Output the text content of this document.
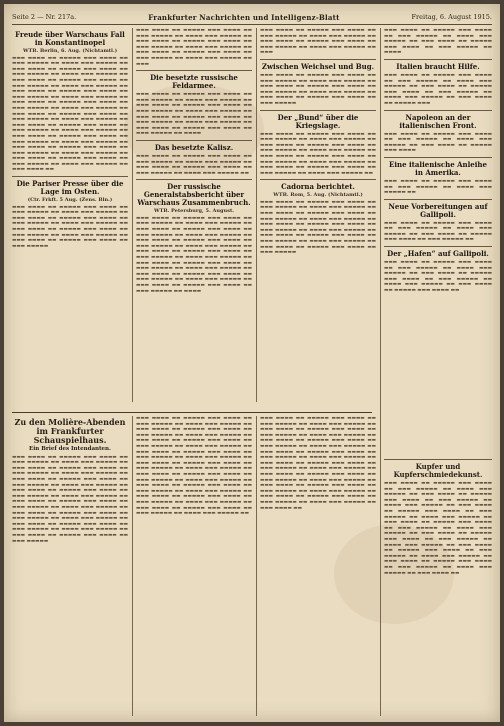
Seite 2 — Nr. 217a.	Frankfurter Nachrichten und Intelligenz-Blatt	Freitag, 6. August 1915.
Freude über Warschaus Fall in Konstantinopel
WTB. Berlin, 6. Aug. (Nichtamtl.)
▬▬▬ ▬▬▬▬ ▬▬ ▬▬▬▬▬ ▬▬▬ ▬▬▬▬ ▬▬ ▬▬▬ ▬▬▬▬▬ ▬▬ ▬▬▬▬ ▬▬▬ ▬▬▬▬▬ ▬▬ ▬▬▬ ▬▬▬▬ ▬▬ ▬▬▬▬▬ ▬▬▬ ▬▬▬▬ ▬▬ ▬▬▬ ▬▬▬▬▬ ▬▬ ▬▬▬▬ ▬▬▬ ▬▬▬▬▬ ▬▬ ▬▬▬ ▬▬▬▬ ▬▬ ▬▬▬▬▬ ▬▬▬ ▬▬▬▬ ▬▬ ▬▬▬ ▬▬▬▬▬ ▬▬ ▬▬▬▬ ▬▬▬ ▬▬▬▬▬ ▬▬ ▬▬▬ ▬▬▬▬ ▬▬ ▬▬▬▬▬ ▬▬▬ ▬▬▬▬ ▬▬ ▬▬▬ ▬▬▬▬▬ ▬▬ ▬▬▬▬ ▬▬▬ ▬▬▬▬▬ ▬▬ ▬▬▬ ▬▬▬▬ ▬▬ ▬▬▬▬▬ ▬▬▬ ▬▬▬▬ ▬▬ ▬▬▬ ▬▬▬▬▬ ▬▬ ▬▬▬▬ ▬▬▬ ▬▬▬▬▬ ▬▬ ▬▬▬ ▬▬▬▬ ▬▬ ▬▬▬▬▬ ▬▬▬ ▬▬▬▬ ▬▬ ▬▬▬ ▬▬▬▬▬ ▬▬ ▬▬▬▬ ▬▬▬ ▬▬▬▬▬ ▬▬ ▬▬▬ ▬▬▬▬ ▬▬ ▬▬▬▬▬ ▬▬▬ ▬▬▬▬ ▬▬ ▬▬▬ ▬▬▬▬▬ ▬▬ ▬▬▬▬ ▬▬▬ ▬▬▬▬▬ ▬▬ ▬▬▬ ▬▬▬▬ ▬▬ ▬▬▬▬▬ ▬▬▬ ▬▬▬▬ ▬▬ ▬▬▬ ▬▬▬▬▬ ▬▬ ▬▬▬▬ ▬▬▬ ▬▬▬▬▬ ▬▬ ▬▬▬ ▬▬▬▬ ▬▬ ▬▬▬▬▬ ▬▬▬ ▬▬▬▬ ▬▬ ▬▬▬ ▬▬▬▬▬ ▬▬ ▬▬▬▬ ▬▬▬ ▬▬▬▬▬ ▬▬ ▬▬▬ ▬▬▬▬ ▬▬ ▬▬▬▬▬ ▬▬▬ ▬▬▬▬ ▬▬ ▬▬▬ ▬▬▬▬▬ ▬▬ ▬▬▬▬ ▬▬▬ ▬▬▬▬▬ ▬▬ ▬▬▬ ▬▬▬▬ ▬▬
Die Pariser Presse über die Lage im Osten.
(Ctr. Frkft. 5 Aug. (Zens. Bln.)
▬▬▬ ▬▬▬▬ ▬▬ ▬▬▬▬▬ ▬▬▬ ▬▬▬▬ ▬▬ ▬▬▬ ▬▬▬▬▬ ▬▬ ▬▬▬▬ ▬▬▬ ▬▬▬▬▬ ▬▬ ▬▬▬ ▬▬▬▬ ▬▬ ▬▬▬▬▬ ▬▬▬ ▬▬▬▬ ▬▬ ▬▬▬ ▬▬▬▬▬ ▬▬ ▬▬▬▬ ▬▬▬ ▬▬▬▬▬ ▬▬ ▬▬▬ ▬▬▬▬ ▬▬ ▬▬▬▬▬ ▬▬▬ ▬▬▬▬ ▬▬ ▬▬▬ ▬▬▬▬▬ ▬▬ ▬▬▬▬ ▬▬▬ ▬▬▬▬▬ ▬▬ ▬▬▬ ▬▬▬▬ ▬▬ ▬▬▬▬▬ ▬▬▬ ▬▬▬▬ ▬▬ ▬▬▬ ▬▬▬▬▬
▬▬▬ ▬▬▬▬ ▬▬ ▬▬▬▬▬ ▬▬▬ ▬▬▬▬ ▬▬ ▬▬▬ ▬▬▬▬▬ ▬▬ ▬▬▬▬ ▬▬▬ ▬▬▬▬▬ ▬▬ ▬▬▬ ▬▬▬▬ ▬▬ ▬▬▬▬▬ ▬▬▬ ▬▬▬▬ ▬▬ ▬▬▬ ▬▬▬▬▬ ▬▬ ▬▬▬▬ ▬▬▬ ▬▬▬▬▬ ▬▬ ▬▬▬ ▬▬▬▬ ▬▬ ▬▬▬▬▬ ▬▬▬ ▬▬▬▬ ▬▬ ▬▬▬ ▬▬▬▬▬ ▬▬ ▬▬▬▬ ▬▬▬ ▬▬▬▬▬ ▬▬ ▬▬▬
Die besetzte russische Feldarmee.
▬▬▬ ▬▬▬▬ ▬▬ ▬▬▬▬▬ ▬▬▬ ▬▬▬▬ ▬▬ ▬▬▬ ▬▬▬▬▬ ▬▬ ▬▬▬▬ ▬▬▬ ▬▬▬▬▬ ▬▬ ▬▬▬ ▬▬▬▬ ▬▬ ▬▬▬▬▬ ▬▬▬ ▬▬▬▬ ▬▬ ▬▬▬ ▬▬▬▬▬ ▬▬ ▬▬▬▬ ▬▬▬ ▬▬▬▬▬ ▬▬ ▬▬▬ ▬▬▬▬ ▬▬ ▬▬▬▬▬ ▬▬▬ ▬▬▬▬ ▬▬ ▬▬▬ ▬▬▬▬▬ ▬▬ ▬▬▬▬ ▬▬▬ ▬▬▬▬▬ ▬▬ ▬▬▬ ▬▬▬▬ ▬▬ ▬▬▬▬▬ ▬▬▬ ▬▬▬▬ ▬▬ ▬▬▬ ▬▬▬▬▬ ▬▬ ▬▬▬▬
Das besetzte Kalisz.
▬▬▬ ▬▬▬▬ ▬▬ ▬▬▬▬▬ ▬▬▬ ▬▬▬▬ ▬▬ ▬▬▬ ▬▬▬▬▬ ▬▬ ▬▬▬▬ ▬▬▬ ▬▬▬▬▬ ▬▬ ▬▬▬ ▬▬▬▬ ▬▬ ▬▬▬▬▬ ▬▬▬ ▬▬▬▬ ▬▬ ▬▬▬ ▬▬▬▬▬ ▬▬ ▬▬▬▬ ▬▬▬ ▬▬▬▬▬ ▬▬
Der russische Generalstabsbericht über Warschaus Zusammenbruch.
WTB. Petersburg, 5. August.
▬▬▬ ▬▬▬▬ ▬▬ ▬▬▬▬▬ ▬▬▬ ▬▬▬▬ ▬▬ ▬▬▬ ▬▬▬▬▬ ▬▬ ▬▬▬▬ ▬▬▬ ▬▬▬▬▬ ▬▬ ▬▬▬ ▬▬▬▬ ▬▬ ▬▬▬▬▬ ▬▬▬ ▬▬▬▬ ▬▬ ▬▬▬ ▬▬▬▬▬ ▬▬ ▬▬▬▬ ▬▬▬ ▬▬▬▬▬ ▬▬ ▬▬▬ ▬▬▬▬ ▬▬ ▬▬▬▬▬ ▬▬▬ ▬▬▬▬ ▬▬ ▬▬▬ ▬▬▬▬▬ ▬▬ ▬▬▬▬ ▬▬▬ ▬▬▬▬▬ ▬▬ ▬▬▬ ▬▬▬▬ ▬▬ ▬▬▬▬▬ ▬▬▬ ▬▬▬▬ ▬▬ ▬▬▬ ▬▬▬▬▬ ▬▬ ▬▬▬▬ ▬▬▬ ▬▬▬▬▬ ▬▬ ▬▬▬ ▬▬▬▬ ▬▬ ▬▬▬▬▬ ▬▬▬ ▬▬▬▬ ▬▬ ▬▬▬ ▬▬▬▬▬ ▬▬ ▬▬▬▬ ▬▬▬ ▬▬▬▬▬ ▬▬ ▬▬▬ ▬▬▬▬ ▬▬ ▬▬▬▬▬ ▬▬▬ ▬▬▬▬ ▬▬ ▬▬▬ ▬▬▬▬▬ ▬▬ ▬▬▬▬ ▬▬▬ ▬▬▬▬▬ ▬▬ ▬▬▬ ▬▬▬▬ ▬▬ ▬▬▬▬▬ ▬▬▬ ▬▬▬▬ ▬▬ ▬▬▬ ▬▬▬▬▬ ▬▬ ▬▬▬▬
▬▬▬ ▬▬▬▬ ▬▬ ▬▬▬▬▬ ▬▬▬ ▬▬▬▬ ▬▬ ▬▬▬ ▬▬▬▬▬ ▬▬ ▬▬▬▬ ▬▬▬ ▬▬▬▬▬ ▬▬ ▬▬▬ ▬▬▬▬ ▬▬ ▬▬▬▬▬ ▬▬▬ ▬▬▬▬ ▬▬ ▬▬▬ ▬▬▬▬▬ ▬▬ ▬▬▬▬ ▬▬▬ ▬▬▬▬▬ ▬▬ ▬▬▬
Zwischen Weichsel und Bug.
▬▬▬ ▬▬▬▬ ▬▬ ▬▬▬▬▬ ▬▬▬ ▬▬▬▬ ▬▬ ▬▬▬ ▬▬▬▬▬ ▬▬ ▬▬▬▬ ▬▬▬ ▬▬▬▬▬ ▬▬ ▬▬▬ ▬▬▬▬ ▬▬ ▬▬▬▬▬ ▬▬▬ ▬▬▬▬ ▬▬ ▬▬▬ ▬▬▬▬▬ ▬▬ ▬▬▬▬ ▬▬▬ ▬▬▬▬▬ ▬▬ ▬▬▬ ▬▬▬▬ ▬▬ ▬▬▬▬▬ ▬▬▬ ▬▬▬▬ ▬▬ ▬▬▬ ▬▬▬▬▬
Der „Bund“ über die Kriegslage.
▬▬▬ ▬▬▬▬ ▬▬ ▬▬▬▬▬ ▬▬▬ ▬▬▬▬ ▬▬ ▬▬▬ ▬▬▬▬▬ ▬▬ ▬▬▬▬ ▬▬▬ ▬▬▬▬▬ ▬▬ ▬▬▬ ▬▬▬▬ ▬▬ ▬▬▬▬▬ ▬▬▬ ▬▬▬▬ ▬▬ ▬▬▬ ▬▬▬▬▬ ▬▬ ▬▬▬▬ ▬▬▬ ▬▬▬▬▬ ▬▬ ▬▬▬ ▬▬▬▬ ▬▬ ▬▬▬▬▬ ▬▬▬ ▬▬▬▬ ▬▬ ▬▬▬ ▬▬▬▬▬ ▬▬ ▬▬▬▬ ▬▬▬ ▬▬▬▬▬ ▬▬ ▬▬▬ ▬▬▬▬ ▬▬ ▬▬▬▬▬ ▬▬▬ ▬▬▬▬ ▬▬ ▬▬▬ ▬▬▬▬▬ ▬▬ ▬▬▬▬ ▬▬▬ ▬▬▬▬▬ ▬▬
Cadorna berichtet.
WTB. Rom, 5. Aug. (Nichtamtl.)
▬▬▬ ▬▬▬▬ ▬▬ ▬▬▬▬▬ ▬▬▬ ▬▬▬▬ ▬▬ ▬▬▬ ▬▬▬▬▬ ▬▬ ▬▬▬▬ ▬▬▬ ▬▬▬▬▬ ▬▬ ▬▬▬ ▬▬▬▬ ▬▬ ▬▬▬▬▬ ▬▬▬ ▬▬▬▬ ▬▬ ▬▬▬ ▬▬▬▬▬ ▬▬ ▬▬▬▬ ▬▬▬ ▬▬▬▬▬ ▬▬ ▬▬▬ ▬▬▬▬ ▬▬ ▬▬▬▬▬ ▬▬▬ ▬▬▬▬ ▬▬ ▬▬▬ ▬▬▬▬▬ ▬▬ ▬▬▬▬ ▬▬▬ ▬▬▬▬▬ ▬▬ ▬▬▬ ▬▬▬▬ ▬▬ ▬▬▬▬▬ ▬▬▬ ▬▬▬▬ ▬▬ ▬▬▬ ▬▬▬▬▬ ▬▬ ▬▬▬▬ ▬▬▬ ▬▬▬▬▬ ▬▬ ▬▬▬ ▬▬▬▬ ▬▬ ▬▬▬▬▬ ▬▬▬ ▬▬▬▬ ▬▬ ▬▬▬ ▬▬▬▬▬
▬▬▬ ▬▬▬▬ ▬▬ ▬▬▬▬▬ ▬▬▬ ▬▬▬▬ ▬▬ ▬▬▬ ▬▬▬▬▬ ▬▬ ▬▬▬▬ ▬▬▬ ▬▬▬▬▬ ▬▬ ▬▬▬ ▬▬▬▬ ▬▬ ▬▬▬▬▬ ▬▬▬ ▬▬▬▬ ▬▬ ▬▬▬ ▬▬▬▬▬ ▬▬ ▬▬▬▬
Italien braucht Hilfe.
▬▬▬ ▬▬▬▬ ▬▬ ▬▬▬▬▬ ▬▬▬ ▬▬▬▬ ▬▬ ▬▬▬ ▬▬▬▬▬ ▬▬ ▬▬▬▬ ▬▬▬ ▬▬▬▬▬ ▬▬ ▬▬▬ ▬▬▬▬ ▬▬ ▬▬▬▬▬ ▬▬▬ ▬▬▬▬ ▬▬ ▬▬▬ ▬▬▬▬▬ ▬▬ ▬▬▬▬ ▬▬▬ ▬▬▬▬▬ ▬▬ ▬▬▬ ▬▬▬▬ ▬▬ ▬▬▬▬▬ ▬▬▬
Napoleon an der italienischen Front.
▬▬▬ ▬▬▬▬ ▬▬ ▬▬▬▬▬ ▬▬▬ ▬▬▬▬ ▬▬ ▬▬▬ ▬▬▬▬▬ ▬▬ ▬▬▬▬ ▬▬▬ ▬▬▬▬▬ ▬▬ ▬▬▬ ▬▬▬▬ ▬▬ ▬▬▬▬▬ ▬▬▬ ▬▬▬▬
Eine italienische Anleihe in Amerika.
▬▬▬ ▬▬▬▬ ▬▬ ▬▬▬▬▬ ▬▬▬ ▬▬▬▬ ▬▬ ▬▬▬ ▬▬▬▬▬ ▬▬ ▬▬▬▬ ▬▬▬ ▬▬▬▬▬ ▬▬
Neue Vorbereitungen auf Gallipoli.
▬▬▬ ▬▬▬▬ ▬▬ ▬▬▬▬▬ ▬▬▬ ▬▬▬▬ ▬▬ ▬▬▬ ▬▬▬▬▬ ▬▬ ▬▬▬▬ ▬▬▬ ▬▬▬▬▬ ▬▬ ▬▬▬ ▬▬▬▬ ▬▬ ▬▬▬▬▬ ▬▬▬ ▬▬▬▬ ▬▬ ▬▬▬ ▬▬▬▬▬ ▬▬
Der „Hafen“ auf Gallipoli.
▬▬▬ ▬▬▬▬ ▬▬ ▬▬▬▬▬ ▬▬▬ ▬▬▬▬ ▬▬ ▬▬▬ ▬▬▬▬▬ ▬▬ ▬▬▬▬ ▬▬▬ ▬▬▬▬▬ ▬▬ ▬▬▬ ▬▬▬▬ ▬▬ ▬▬▬▬▬ ▬▬▬ ▬▬▬▬ ▬▬ ▬▬▬ ▬▬▬▬▬ ▬▬ ▬▬▬▬ ▬▬▬ ▬▬▬▬▬ ▬▬ ▬▬▬ ▬▬▬▬ ▬▬ ▬▬▬▬▬ ▬▬▬ ▬▬▬▬ ▬▬
Zu den Molière-Abenden im Frankfurter Schauspielhaus.
Ein Brief des Intendanten.
▬▬▬ ▬▬▬▬ ▬▬ ▬▬▬▬▬ ▬▬▬ ▬▬▬▬ ▬▬ ▬▬▬ ▬▬▬▬▬ ▬▬ ▬▬▬▬ ▬▬▬ ▬▬▬▬▬ ▬▬ ▬▬▬ ▬▬▬▬ ▬▬ ▬▬▬▬▬ ▬▬▬ ▬▬▬▬ ▬▬ ▬▬▬ ▬▬▬▬▬ ▬▬ ▬▬▬▬ ▬▬▬ ▬▬▬▬▬ ▬▬ ▬▬▬ ▬▬▬▬ ▬▬ ▬▬▬▬▬ ▬▬▬ ▬▬▬▬ ▬▬ ▬▬▬ ▬▬▬▬▬ ▬▬ ▬▬▬▬ ▬▬▬ ▬▬▬▬▬ ▬▬ ▬▬▬ ▬▬▬▬ ▬▬ ▬▬▬▬▬ ▬▬▬ ▬▬▬▬ ▬▬ ▬▬▬ ▬▬▬▬▬ ▬▬ ▬▬▬▬ ▬▬▬ ▬▬▬▬▬ ▬▬ ▬▬▬ ▬▬▬▬ ▬▬ ▬▬▬▬▬ ▬▬▬ ▬▬▬▬ ▬▬ ▬▬▬ ▬▬▬▬▬ ▬▬ ▬▬▬▬ ▬▬▬ ▬▬▬▬▬ ▬▬ ▬▬▬ ▬▬▬▬ ▬▬ ▬▬▬▬▬ ▬▬▬ ▬▬▬▬ ▬▬ ▬▬▬ ▬▬▬▬▬ ▬▬ ▬▬▬▬ ▬▬▬ ▬▬▬▬▬ ▬▬ ▬▬▬ ▬▬▬▬ ▬▬ ▬▬▬▬▬ ▬▬▬ ▬▬▬▬ ▬▬ ▬▬▬ ▬▬▬▬▬ ▬▬ ▬▬▬▬ ▬▬▬ ▬▬▬▬▬ ▬▬ ▬▬▬ ▬▬▬▬ ▬▬ ▬▬▬▬▬ ▬▬▬ ▬▬▬▬ ▬▬ ▬▬▬ ▬▬▬▬▬
▬▬▬ ▬▬▬▬ ▬▬ ▬▬▬▬▬ ▬▬▬ ▬▬▬▬ ▬▬ ▬▬▬ ▬▬▬▬▬ ▬▬ ▬▬▬▬ ▬▬▬ ▬▬▬▬▬ ▬▬ ▬▬▬ ▬▬▬▬ ▬▬ ▬▬▬▬▬ ▬▬▬ ▬▬▬▬ ▬▬ ▬▬▬ ▬▬▬▬▬ ▬▬ ▬▬▬▬ ▬▬▬ ▬▬▬▬▬ ▬▬ ▬▬▬ ▬▬▬▬ ▬▬ ▬▬▬▬▬ ▬▬▬ ▬▬▬▬ ▬▬ ▬▬▬ ▬▬▬▬▬ ▬▬ ▬▬▬▬ ▬▬▬ ▬▬▬▬▬ ▬▬ ▬▬▬ ▬▬▬▬ ▬▬ ▬▬▬▬▬ ▬▬▬ ▬▬▬▬ ▬▬ ▬▬▬ ▬▬▬▬▬ ▬▬ ▬▬▬▬ ▬▬▬ ▬▬▬▬▬ ▬▬ ▬▬▬ ▬▬▬▬ ▬▬ ▬▬▬▬▬ ▬▬▬ ▬▬▬▬ ▬▬ ▬▬▬ ▬▬▬▬▬ ▬▬ ▬▬▬▬ ▬▬▬ ▬▬▬▬▬ ▬▬ ▬▬▬ ▬▬▬▬ ▬▬ ▬▬▬▬▬ ▬▬▬ ▬▬▬▬ ▬▬ ▬▬▬ ▬▬▬▬▬ ▬▬ ▬▬▬▬ ▬▬▬ ▬▬▬▬▬ ▬▬ ▬▬▬ ▬▬▬▬ ▬▬ ▬▬▬▬▬ ▬▬▬ ▬▬▬▬ ▬▬ ▬▬▬ ▬▬▬▬▬ ▬▬ ▬▬▬▬ ▬▬▬ ▬▬▬▬▬ ▬▬ ▬▬▬ ▬▬▬▬ ▬▬ ▬▬▬▬▬ ▬▬▬ ▬▬▬▬ ▬▬ ▬▬▬ ▬▬▬▬▬ ▬▬ ▬▬▬▬ ▬▬▬ ▬▬▬▬▬ ▬▬ ▬▬▬ ▬▬▬▬ ▬▬ ▬▬▬▬▬ ▬▬▬ ▬▬▬▬ ▬▬ ▬▬▬ ▬▬▬▬▬ ▬▬ ▬▬▬▬ ▬▬▬ ▬▬▬▬▬ ▬▬
▬▬▬ ▬▬▬▬ ▬▬ ▬▬▬▬▬ ▬▬▬ ▬▬▬▬ ▬▬ ▬▬▬ ▬▬▬▬▬ ▬▬ ▬▬▬▬ ▬▬▬ ▬▬▬▬▬ ▬▬ ▬▬▬ ▬▬▬▬ ▬▬ ▬▬▬▬▬ ▬▬▬ ▬▬▬▬ ▬▬ ▬▬▬ ▬▬▬▬▬ ▬▬ ▬▬▬▬ ▬▬▬ ▬▬▬▬▬ ▬▬ ▬▬▬ ▬▬▬▬ ▬▬ ▬▬▬▬▬ ▬▬▬ ▬▬▬▬ ▬▬ ▬▬▬ ▬▬▬▬▬ ▬▬ ▬▬▬▬ ▬▬▬ ▬▬▬▬▬ ▬▬ ▬▬▬ ▬▬▬▬ ▬▬ ▬▬▬▬▬ ▬▬▬ ▬▬▬▬ ▬▬ ▬▬▬ ▬▬▬▬▬ ▬▬ ▬▬▬▬ ▬▬▬ ▬▬▬▬▬ ▬▬ ▬▬▬ ▬▬▬▬ ▬▬ ▬▬▬▬▬ ▬▬▬ ▬▬▬▬ ▬▬ ▬▬▬ ▬▬▬▬▬ ▬▬ ▬▬▬▬ ▬▬▬ ▬▬▬▬▬ ▬▬ ▬▬▬ ▬▬▬▬ ▬▬ ▬▬▬▬▬ ▬▬▬ ▬▬▬▬ ▬▬ ▬▬▬ ▬▬▬▬▬ ▬▬ ▬▬▬▬ ▬▬▬ ▬▬▬▬▬ ▬▬ ▬▬▬ ▬▬▬▬ ▬▬ ▬▬▬▬▬ ▬▬▬ ▬▬▬▬ ▬▬ ▬▬▬ ▬▬▬▬▬ ▬▬ ▬▬▬▬ ▬▬▬ ▬▬▬▬▬ ▬▬ ▬▬▬ ▬▬▬▬ ▬▬ ▬▬▬▬▬ ▬▬▬ ▬▬▬▬ ▬▬ ▬▬▬ ▬▬▬▬▬ ▬▬ ▬▬▬▬ ▬▬▬ ▬▬▬▬▬ ▬▬ ▬▬▬ ▬▬▬▬ ▬▬
Kupfer und Kupferschmiedekunst.
▬▬▬ ▬▬▬▬ ▬▬ ▬▬▬▬▬ ▬▬▬ ▬▬▬▬ ▬▬ ▬▬▬ ▬▬▬▬▬ ▬▬ ▬▬▬▬ ▬▬▬ ▬▬▬▬▬ ▬▬ ▬▬▬ ▬▬▬▬ ▬▬ ▬▬▬▬▬ ▬▬▬ ▬▬▬▬ ▬▬ ▬▬▬ ▬▬▬▬▬ ▬▬ ▬▬▬▬ ▬▬▬ ▬▬▬▬▬ ▬▬ ▬▬▬ ▬▬▬▬ ▬▬ ▬▬▬▬▬ ▬▬▬ ▬▬▬▬ ▬▬ ▬▬▬ ▬▬▬▬▬ ▬▬ ▬▬▬▬ ▬▬▬ ▬▬▬▬▬ ▬▬ ▬▬▬ ▬▬▬▬ ▬▬ ▬▬▬▬▬ ▬▬▬ ▬▬▬▬ ▬▬ ▬▬▬ ▬▬▬▬▬ ▬▬ ▬▬▬▬ ▬▬▬ ▬▬▬▬▬ ▬▬ ▬▬▬ ▬▬▬▬ ▬▬ ▬▬▬▬▬ ▬▬▬ ▬▬▬▬ ▬▬ ▬▬▬ ▬▬▬▬▬ ▬▬ ▬▬▬▬ ▬▬▬ ▬▬▬▬▬ ▬▬ ▬▬▬ ▬▬▬▬ ▬▬ ▬▬▬▬▬ ▬▬▬ ▬▬▬▬ ▬▬ ▬▬▬ ▬▬▬▬▬ ▬▬ ▬▬▬▬ ▬▬▬ ▬▬▬▬▬ ▬▬ ▬▬▬ ▬▬▬▬ ▬▬ ▬▬▬▬▬ ▬▬▬ ▬▬▬▬ ▬▬ ▬▬▬ ▬▬▬▬▬ ▬▬ ▬▬▬▬ ▬▬▬ ▬▬▬▬▬ ▬▬ ▬▬▬ ▬▬▬▬ ▬▬
